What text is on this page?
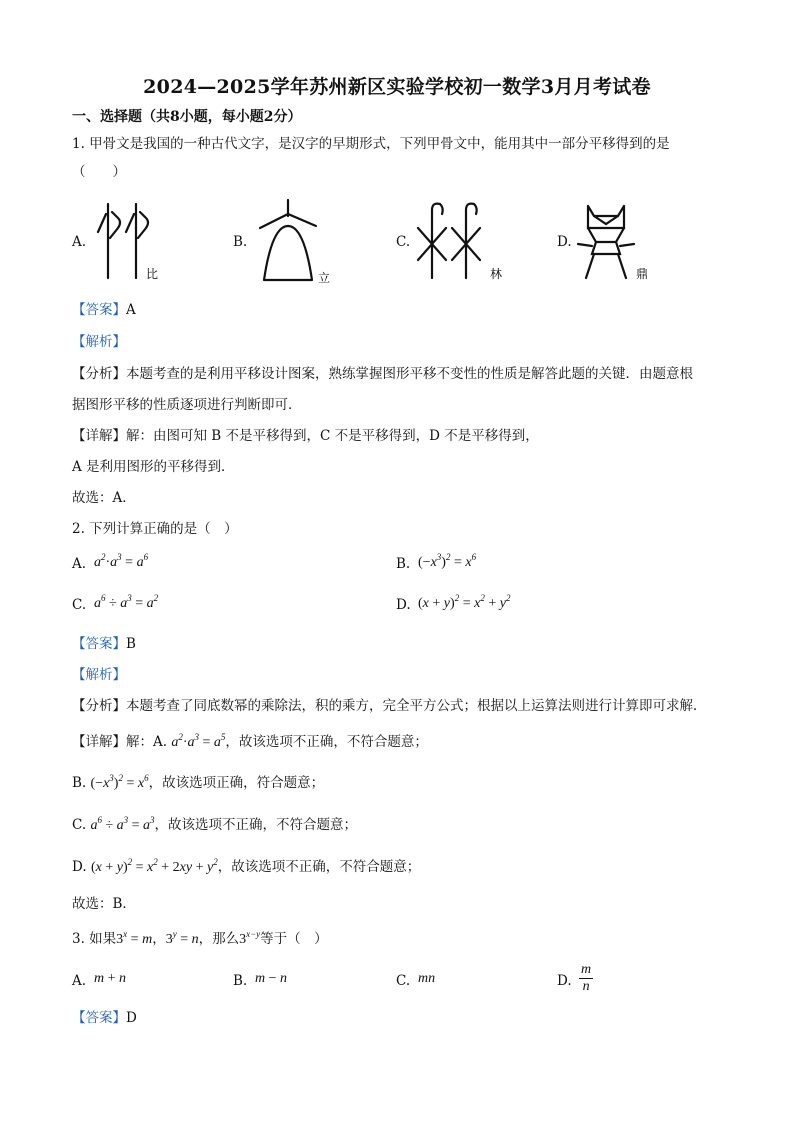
2024—2025学年苏州新区实验学校初一数学3月月考试卷
一、选择题（共8小题，每小题2分）
1. 甲骨文是我国的一种古代文字，是汉字的早期形式，下列甲骨文中，能用其中一部分平移得到的是
（　　）
A.
比
B.
立
C.
林
D.
鼎
【答案】A
【解析】
【分析】本题考查的是利用平移设计图案，熟练掌握图形平移不变性的性质是解答此题的关键．由题意根
据图形平移的性质逐项进行判断即可．
【详解】解：由图可知 B 不是平移得到，C 不是平移得到，D 不是平移得到，
A 是利用图形的平移得到．
故选：A．
2. 下列计算正确的是（　）
A. $a^2\cdot a^3 = a^6$	B. $(-x^3)^2 = x^6$
C. $a^6 \div a^3 = a^2$	D. $(x + y)^2 = x^2 + y^2$
【答案】B
【解析】
【分析】本题考查了同底数幂的乘除法，积的乘方，完全平方公式；根据以上运算法则进行计算即可求解．
【详解】解：A. $a^2\cdot a^3 = a^5$，故该选项不正确，不符合题意；
B. $(-x^3)^2 = x^6$，故该选项正确，符合题意；
C. $a^6 \div a^3 = a^3$，故该选项不正确，不符合题意；
D. $(x + y)^2 = x^2 + 2xy + y^2$，故该选项不正确，不符合题意；
故选：B．
3. 如果$3^x = m$，$3^y = n$，那么$3^{x-y}$等于（　）
A. m + n	B. m − n	C. mn	D. $\frac{m}{n}$
【答案】D
